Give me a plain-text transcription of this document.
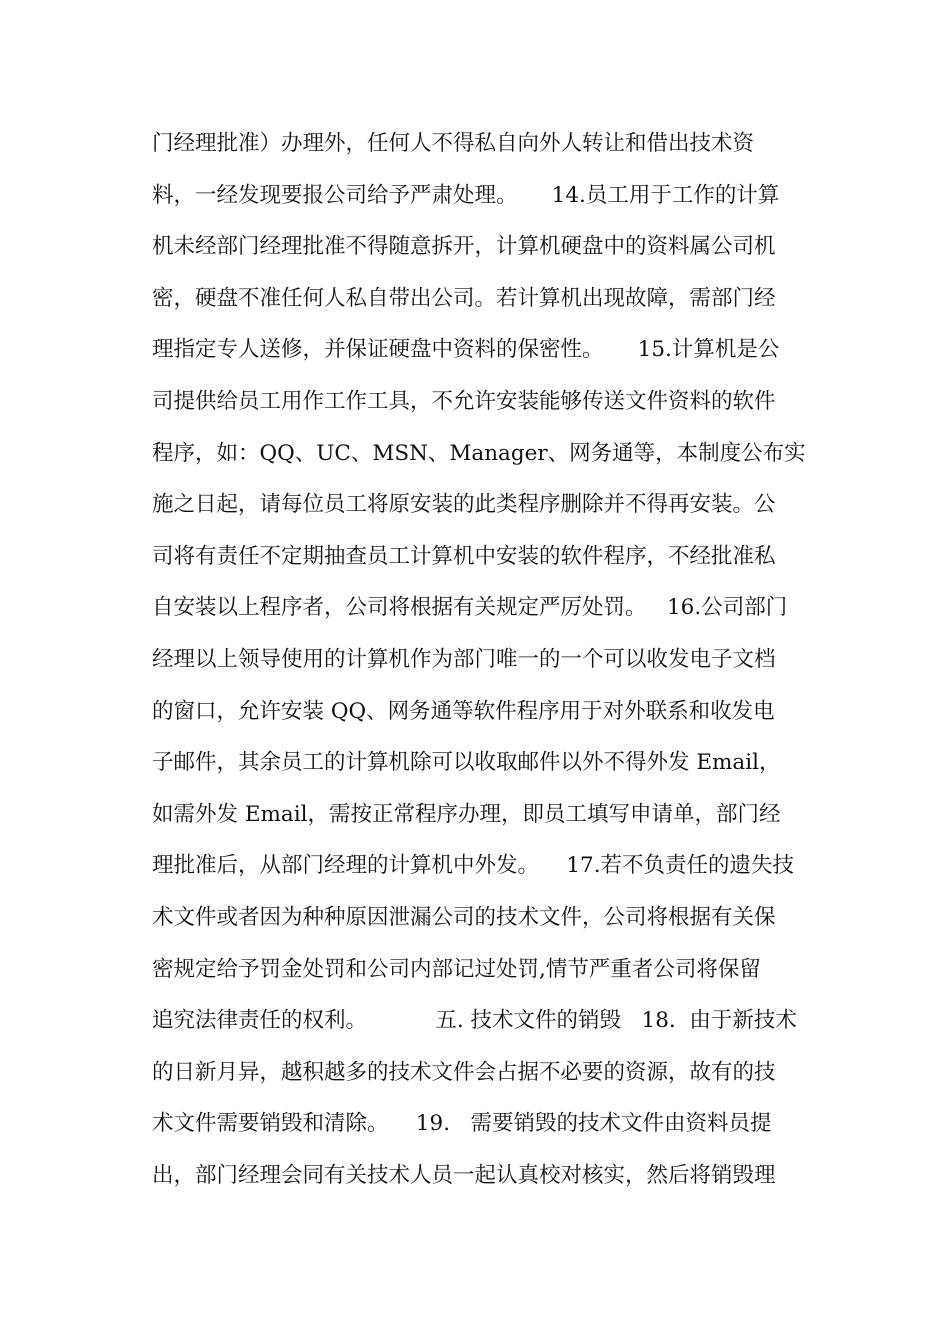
门经理批准）办理外，任何人不得私自向外人转让和借出技术资
料，一经发现要报公司给予严肃处理。     14.员工用于工作的计算
机未经部门经理批准不得随意拆开，计算机硬盘中的资料属公司机
密，硬盘不准任何人私自带出公司。若计算机出现故障，需部门经
理指定专人送修，并保证硬盘中资料的保密性。     15.计算机是公
司提供给员工用作工作工具，不允许安装能够传送文件资料的软件
程序，如：QQ、UC、MSN、Manager、网务通等，本制度公布实
施之日起，请每位员工将原安装的此类程序删除并不得再安装。公
司将有责任不定期抽查员工计算机中安装的软件程序，不经批准私
自安装以上程序者，公司将根据有关规定严厉处罚。   16.公司部门
经理以上领导使用的计算机作为部门唯一的一个可以收发电子文档
的窗口，允许安装 QQ、网务通等软件程序用于对外联系和收发电
子邮件，其余员工的计算机除可以收取邮件以外不得外发 Email，
如需外发 Email，需按正常程序办理，即员工填写申请单，部门经
理批准后，从部门经理的计算机中外发。    17.若不负责任的遗失技
术文件或者因为种种原因泄漏公司的技术文件，公司将根据有关保
密规定给予罚金处罚和公司内部记过处罚,情节严重者公司将保留
追究法律责任的权利。          五. 技术文件的销毁   18.  由于新技术
的日新月异，越积越多的技术文件会占据不必要的资源，故有的技
术文件需要销毁和清除。    19.   需要销毁的技术文件由资料员提
出，部门经理会同有关技术人员一起认真校对核实，然后将销毁理
